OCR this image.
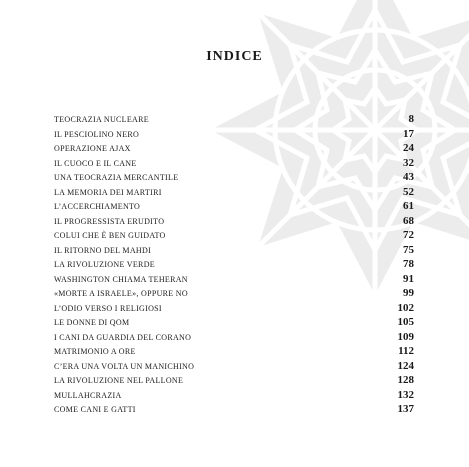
INDICE
TEOCRAZIA NUCLEARE	8
IL PESCIOLINO NERO	17
OPERAZIONE AJAX	24
IL CUOCO E IL CANE	32
UNA TEOCRAZIA MERCANTILE	43
LA MEMORIA DEI MARTIRI	52
L’ACCERCHIAMENTO	61
IL PROGRESSISTA ERUDITO	68
COLUI CHE È BEN GUIDATO	72
IL RITORNO DEL MAHDI	75
LA RIVOLUZIONE VERDE	78
WASHINGTON CHIAMA TEHERAN	91
«MORTE A ISRAELE», OPPURE NO	99
L’ODIO VERSO I RELIGIOSI	102
LE DONNE DI QOM	105
I CANI DA GUARDIA DEL CORANO	109
MATRIMONIO A ORE	112
C’ERA UNA VOLTA UN MANICHINO	124
LA RIVOLUZIONE NEL PALLONE	128
MULLAHCRAZIA	132
COME CANI E GATTI	137
